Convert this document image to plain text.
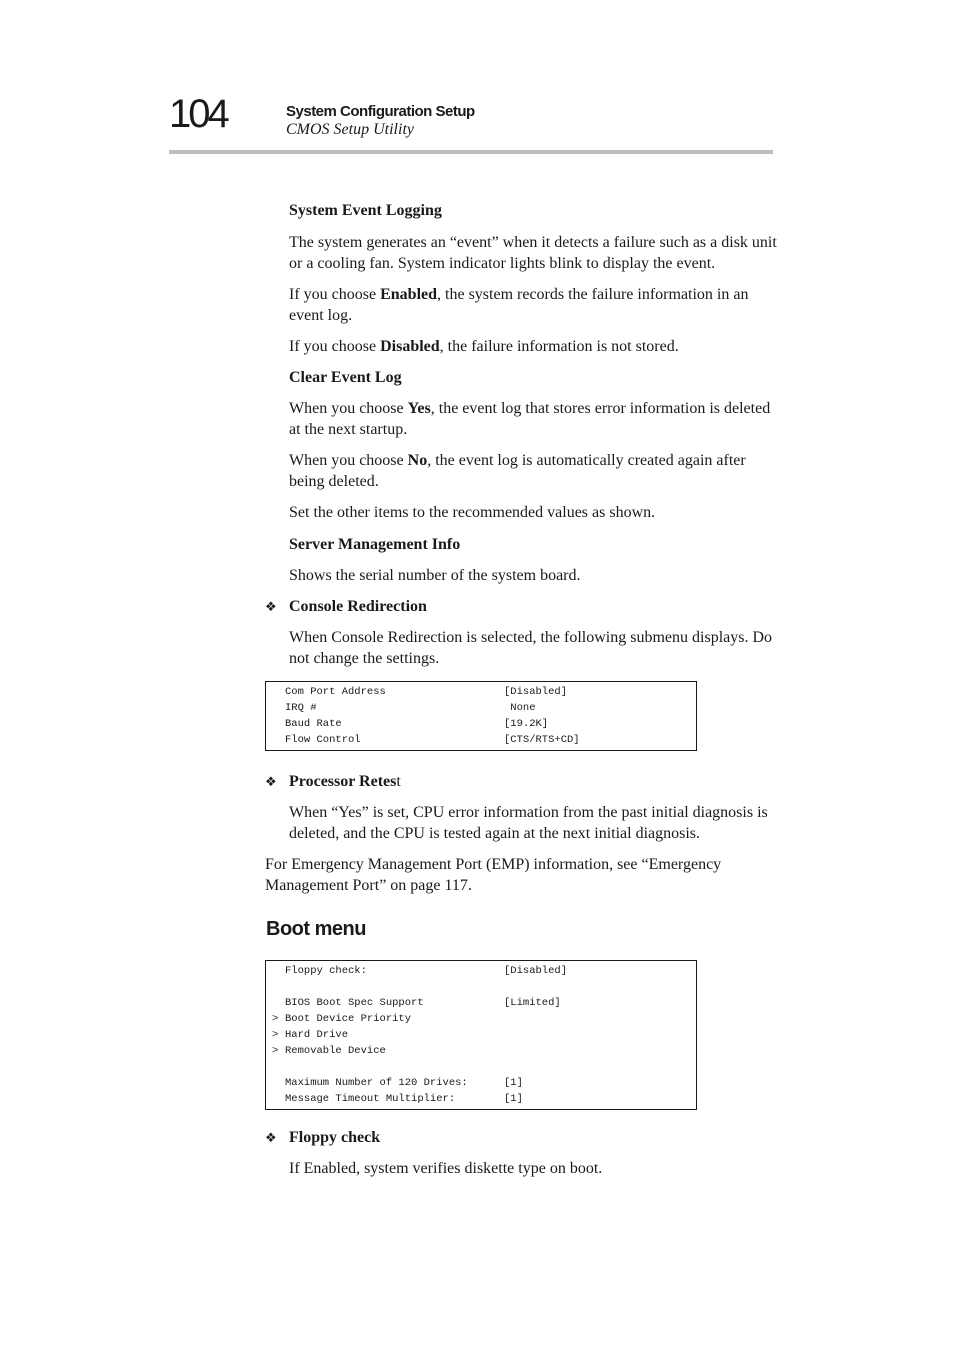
104	System Configuration Setup
CMOS Setup Utility
System Event Logging

The system generates an “event” when it detects a failure such as a disk unit or a cooling fan. System indicator lights blink to display the event.

If you choose Enabled, the system records the failure information in an event log.

If you choose Disabled, the failure information is not stored.

Clear Event Log

When you choose Yes, the event log that stores error information is deleted at the next startup.

When you choose No, the event log is automatically created again after being deleted.

Set the other items to the recommended values as shown.

Server Management Info

Shows the serial number of the system board.

❖ Console Redirection

When Console Redirection is selected, the following submenu displays. Do not change the settings.

Com Port Address	[Disabled]
IRQ #	None
Baud Rate	[19.2K]
Flow Control	[CTS/RTS+CD]
❖ Processor Retest

When “Yes” is set, CPU error information from the past initial diagnosis is deleted, and the CPU is tested again at the next initial diagnosis.

For Emergency Management Port (EMP) information, see “Emergency Management Port” on page 117.

Boot menu
Floppy check:	[Disabled]
BIOS Boot Spec Support	[Limited]
> Boot Device Priority
> Hard Drive
> Removable Device
Maximum Number of 120 Drives:	[1]
Message Timeout Multiplier:	[1]
❖ Floppy check

If Enabled, system verifies diskette type on boot.
